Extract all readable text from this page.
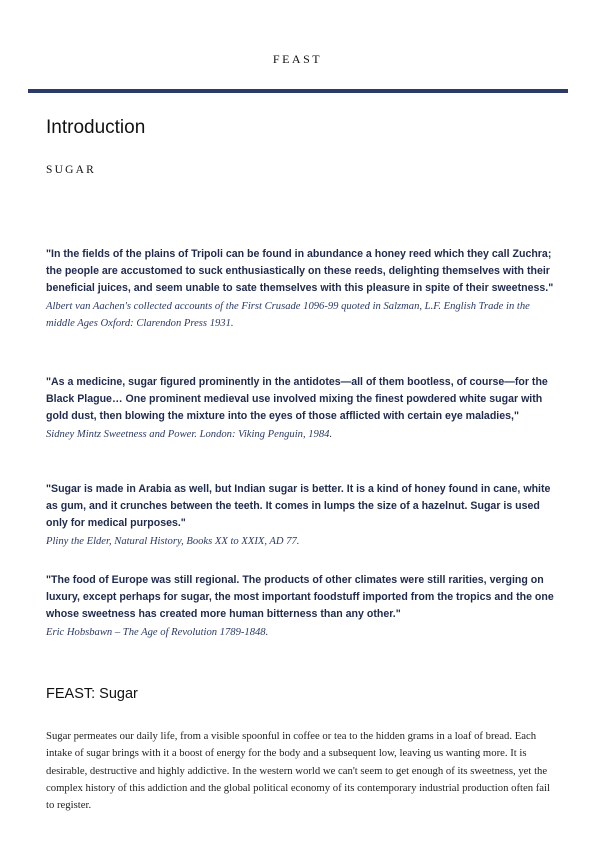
FEAST
Introduction
SUGAR

"In the fields of the plains of Tripoli can be found in abundance a honey reed which they call Zuchra; the people are accustomed to suck enthusiastically on these reeds, delighting themselves with their beneficial juices, and seem unable to sate themselves with this pleasure in spite of their sweetness."

Albert van Aachen's collected accounts of the First Crusade 1096-99 quoted in Salzman, L.F. English Trade in the middle Ages Oxford: Clarendon Press 1931.

"As a medicine, sugar figured prominently in the antidotes—all of them bootless, of course—for the Black Plague… One prominent medieval use involved mixing the finest powdered white sugar with gold dust, then blowing the mixture into the eyes of those afflicted with certain eye maladies,"

Sidney Mintz Sweetness and Power. London: Viking Penguin, 1984.

"Sugar is made in Arabia as well, but Indian sugar is better. It is a kind of honey found in cane, white as gum, and it crunches between the teeth. It comes in lumps the size of a hazelnut. Sugar is used only for medical purposes."

Pliny the Elder, Natural History, Books XX to XXIX, AD 77.

"The food of Europe was still regional. The products of other climates were still rarities, verging on luxury, except perhaps for sugar, the most important foodstuff imported from the tropics and the one whose sweetness has created more human bitterness than any other."

Eric Hobsbawn – The Age of Revolution 1789-1848.

FEAST: Sugar

Sugar permeates our daily life, from a visible spoonful in coffee or tea to the hidden grams in a loaf of bread. Each intake of sugar brings with it a boost of energy for the body and a subsequent low, leaving us wanting more. It is desirable, destructive and highly addictive. In the western world we can't seem to get enough of its sweetness, yet the complex history of this addiction and the global political economy of its contemporary industrial production often fail to register.
